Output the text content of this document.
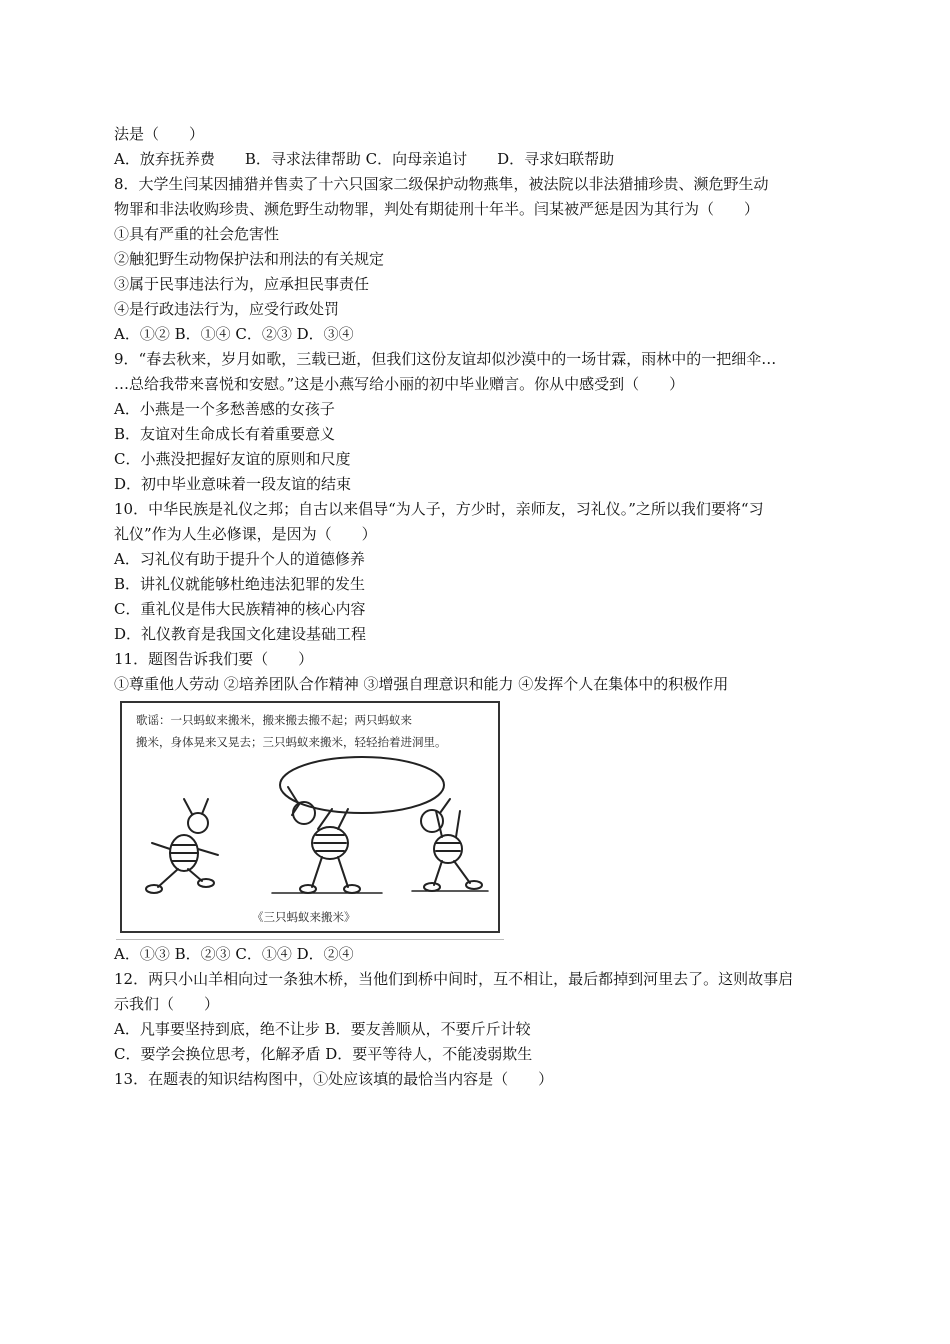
法是（　　）
A．放弃抚养费　　B．寻求法律帮助 C．向母亲追讨　　D．寻求妇联帮助
8．大学生闫某因捕猎并售卖了十六只国家二级保护动物燕隼，被法院以非法猎捕珍贵、濒危野生动
物罪和非法收购珍贵、濒危野生动物罪，判处有期徒刑十年半。闫某被严惩是因为其行为（　　）
①具有严重的社会危害性
②触犯野生动物保护法和刑法的有关规定
③属于民事违法行为，应承担民事责任
④是行政违法行为，应受行政处罚
A．①② B．①④ C．②③ D．③④
9．“春去秋来，岁月如歌，三载已逝，但我们这份友谊却似沙漠中的一场甘霖，雨林中的一把细伞…
…总给我带来喜悦和安慰。”这是小燕写给小丽的初中毕业赠言。你从中感受到（　　）
A．小燕是一个多愁善感的女孩子
B．友谊对生命成长有着重要意义
C．小燕没把握好友谊的原则和尺度
D．初中毕业意味着一段友谊的结束
10．中华民族是礼仪之邦；自古以来倡导“为人子，方少时，亲师友，习礼仪。”之所以我们要将“习
礼仪”作为人生必修课，是因为（　　）
A．习礼仪有助于提升个人的道德修养
B．讲礼仪就能够杜绝违法犯罪的发生
C．重礼仪是伟大民族精神的核心内容
D．礼仪教育是我国文化建设基础工程
11．题图告诉我们要（　　）
①尊重他人劳动 ②培养团队合作精神 ③增强自理意识和能力 ④发挥个人在集体中的积极作用
歌谣：一只蚂蚁来搬米，搬来搬去搬不起；两只蚂蚁来
搬米，身体晃来又晃去；三只蚂蚁来搬米，轻轻抬着进洞里。
《三只蚂蚁来搬米》
A．①③ B．②③ C．①④ D．②④
12．两只小山羊相向过一条独木桥，当他们到桥中间时，互不相让，最后都掉到河里去了。这则故事启
示我们（　　）
A．凡事要坚持到底，绝不让步 B．要友善顺从，不要斤斤计较
C．要学会换位思考，化解矛盾 D．要平等待人，不能凌弱欺生
13．在题表的知识结构图中，①处应该填的最恰当内容是（　　）
